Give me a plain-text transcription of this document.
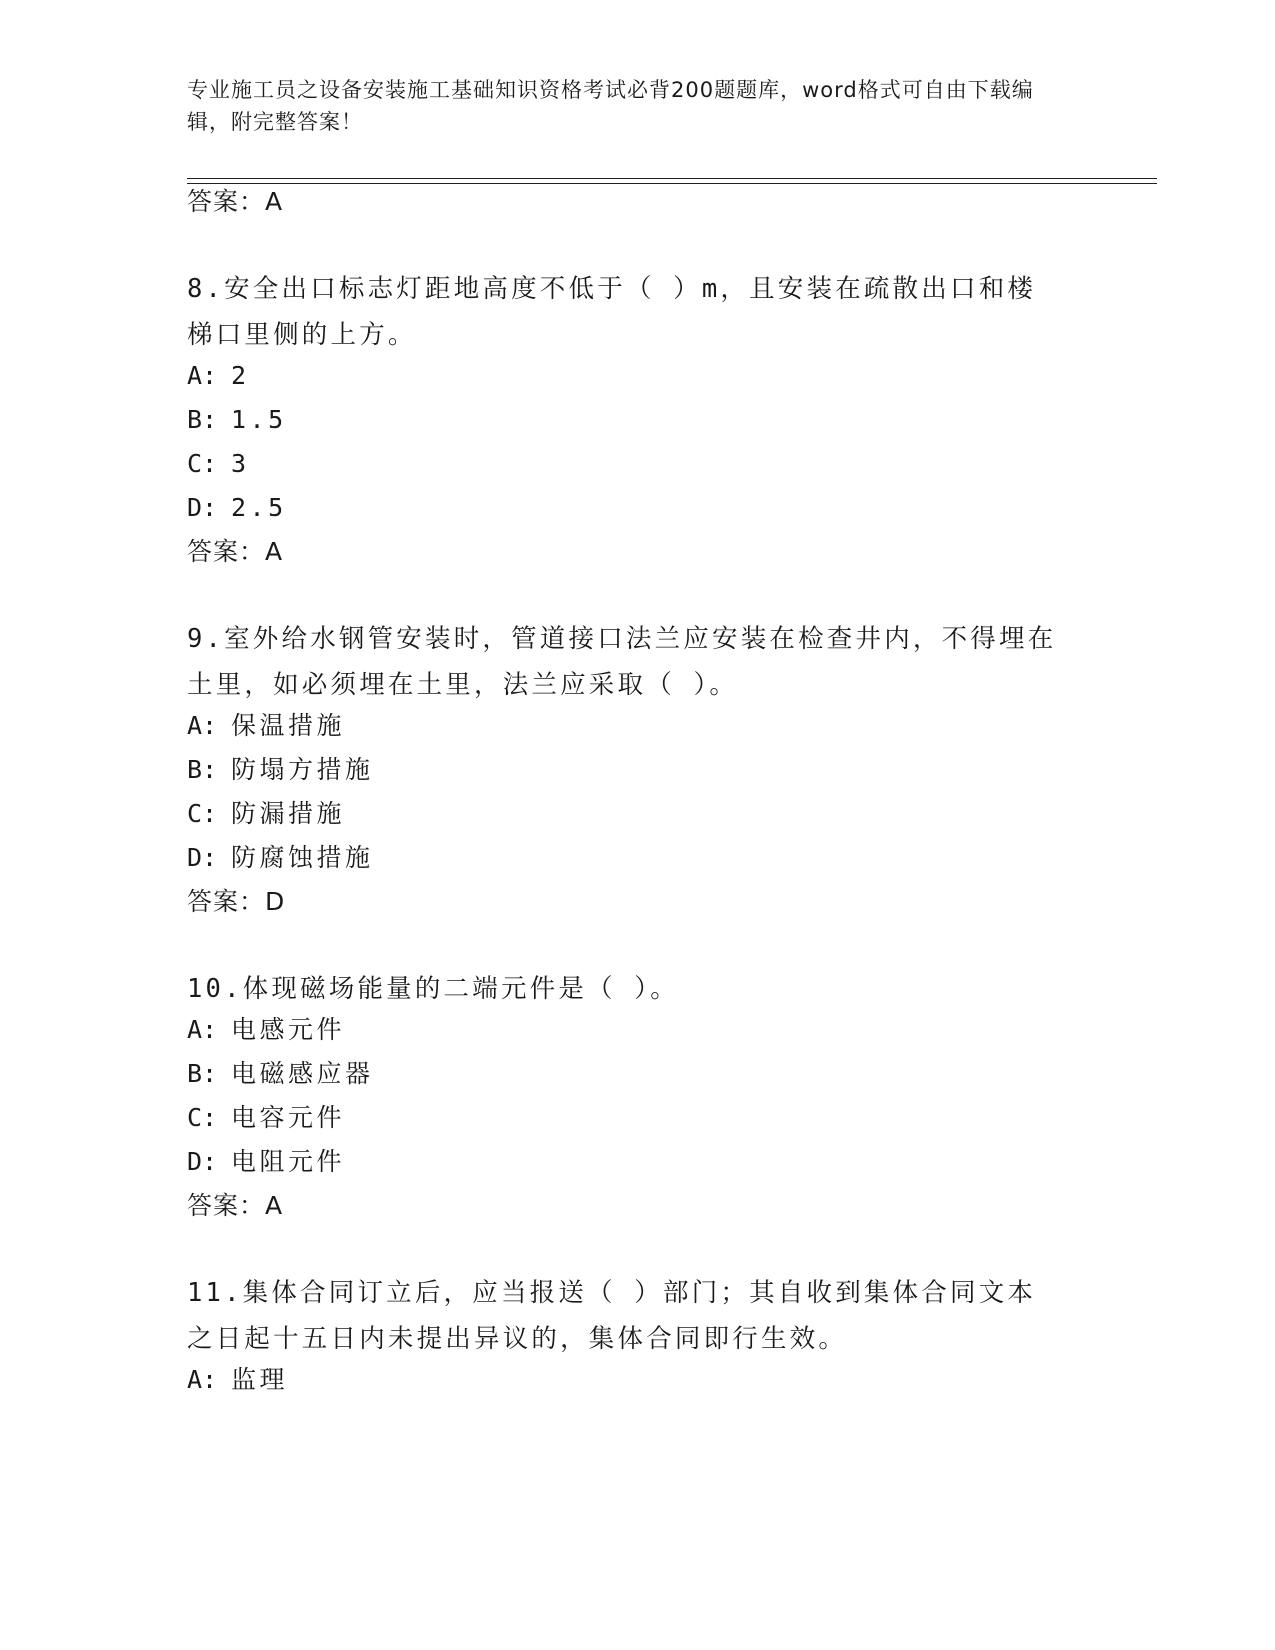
专业施工员之设备安装施工基础知识资格考试必背200题题库，word格式可自由下载编辑，附完整答案！
答案：A
8.安全出口标志灯距地高度不低于（ ）m，且安装在疏散出口和楼梯口里侧的上方。
A: 2
B: 1.5
C: 3
D: 2.5
答案：A
9.室外给水钢管安装时，管道接口法兰应安装在检查井内，不得埋在土里，如必须埋在土里，法兰应采取（ ）。
A: 保温措施
B: 防塌方措施
C: 防漏措施
D: 防腐蚀措施
答案：D
10.体现磁场能量的二端元件是（ ）。
A: 电感元件
B: 电磁感应器
C: 电容元件
D: 电阻元件
答案：A
11.集体合同订立后，应当报送（ ）部门；其自收到集体合同文本之日起十五日内未提出异议的，集体合同即行生效。
A: 监理
